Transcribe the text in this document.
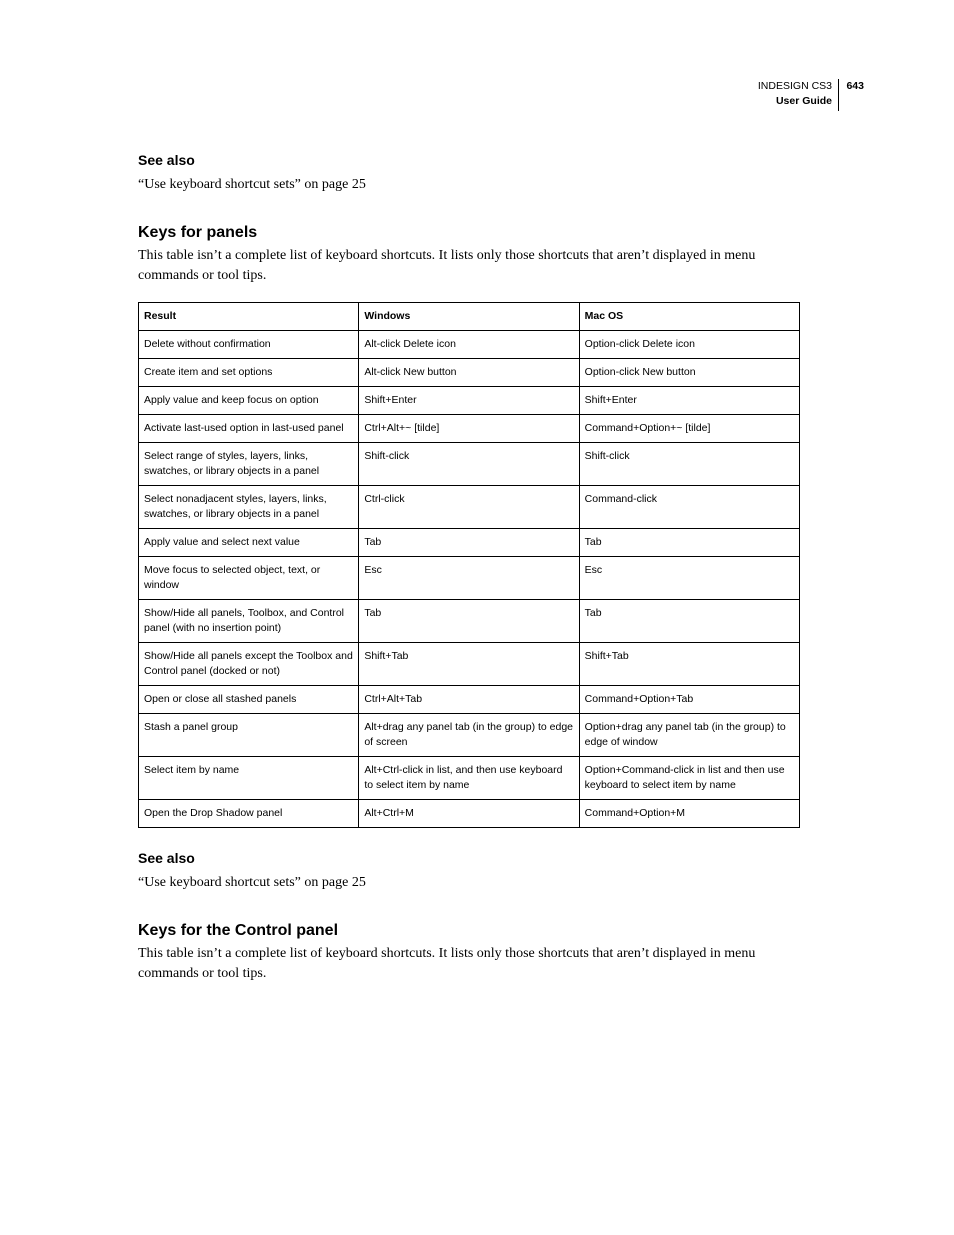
INDESIGN CS3
User Guide
643
See also

“Use keyboard shortcut sets” on page 25

Keys for panels

This table isn’t a complete list of keyboard shortcuts. It lists only those shortcuts that aren’t displayed in menu commands or tool tips.

Result	Windows	Mac OS
Delete without confirmation	Alt-click Delete icon	Option-click Delete icon
Create item and set options	Alt-click New button	Option-click New button
Apply value and keep focus on option	Shift+Enter	Shift+Enter
Activate last-used option in last-used panel	Ctrl+Alt+~ [tilde]	Command+Option+~ [tilde]
Select range of styles, layers, links, swatches, or library objects in a panel	Shift-click	Shift-click
Select nonadjacent styles, layers, links, swatches, or library objects in a panel	Ctrl-click	Command-click
Apply value and select next value	Tab	Tab
Move focus to selected object, text, or window	Esc	Esc
Show/Hide all panels, Toolbox, and Control panel (with no insertion point)	Tab	Tab
Show/Hide all panels except the Toolbox and Control panel (docked or not)	Shift+Tab	Shift+Tab
Open or close all stashed panels	Ctrl+Alt+Tab	Command+Option+Tab
Stash a panel group	Alt+drag any panel tab (in the group) to edge of screen	Option+drag any panel tab (in the group) to edge of window
Select item by name	Alt+Ctrl-click in list, and then use keyboard to select item by name	Option+Command-click in list and then use keyboard to select item by name
Open the Drop Shadow panel	Alt+Ctrl+M	Command+Option+M
See also

“Use keyboard shortcut sets” on page 25

Keys for the Control panel

This table isn’t a complete list of keyboard shortcuts. It lists only those shortcuts that aren’t displayed in menu commands or tool tips.
